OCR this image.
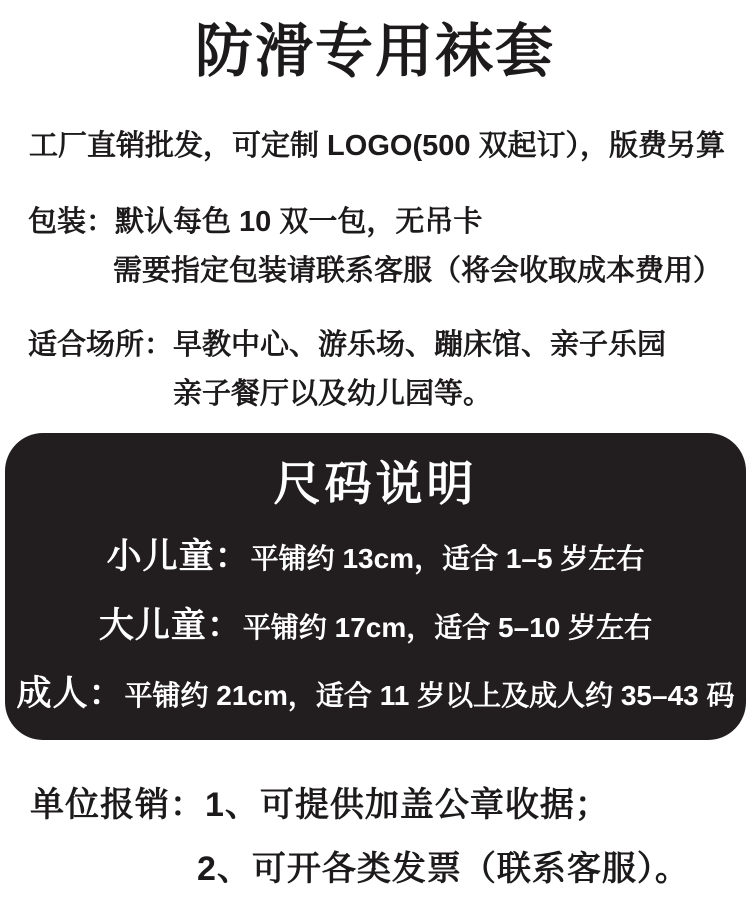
防滑专用袜套

工厂直销批发，可定制 LOGO(500 双起订），版费另算

包装：默认每色 10 双一包，无吊卡

需要指定包装请联系客服（将会收取成本费用）

适合场所：早教中心、游乐场、蹦床馆、亲子乐园

亲子餐厅以及幼儿园等。

尺码说明

小儿童：平铺约 13cm，适合 1–5 岁左右

大儿童：平铺约 17cm，适合 5–10 岁左右

成人：平铺约 21cm，适合 11 岁以上及成人约 35–43 码

单位报销：1、可提供加盖公章收据；

2、可开各类发票（联系客服）。
